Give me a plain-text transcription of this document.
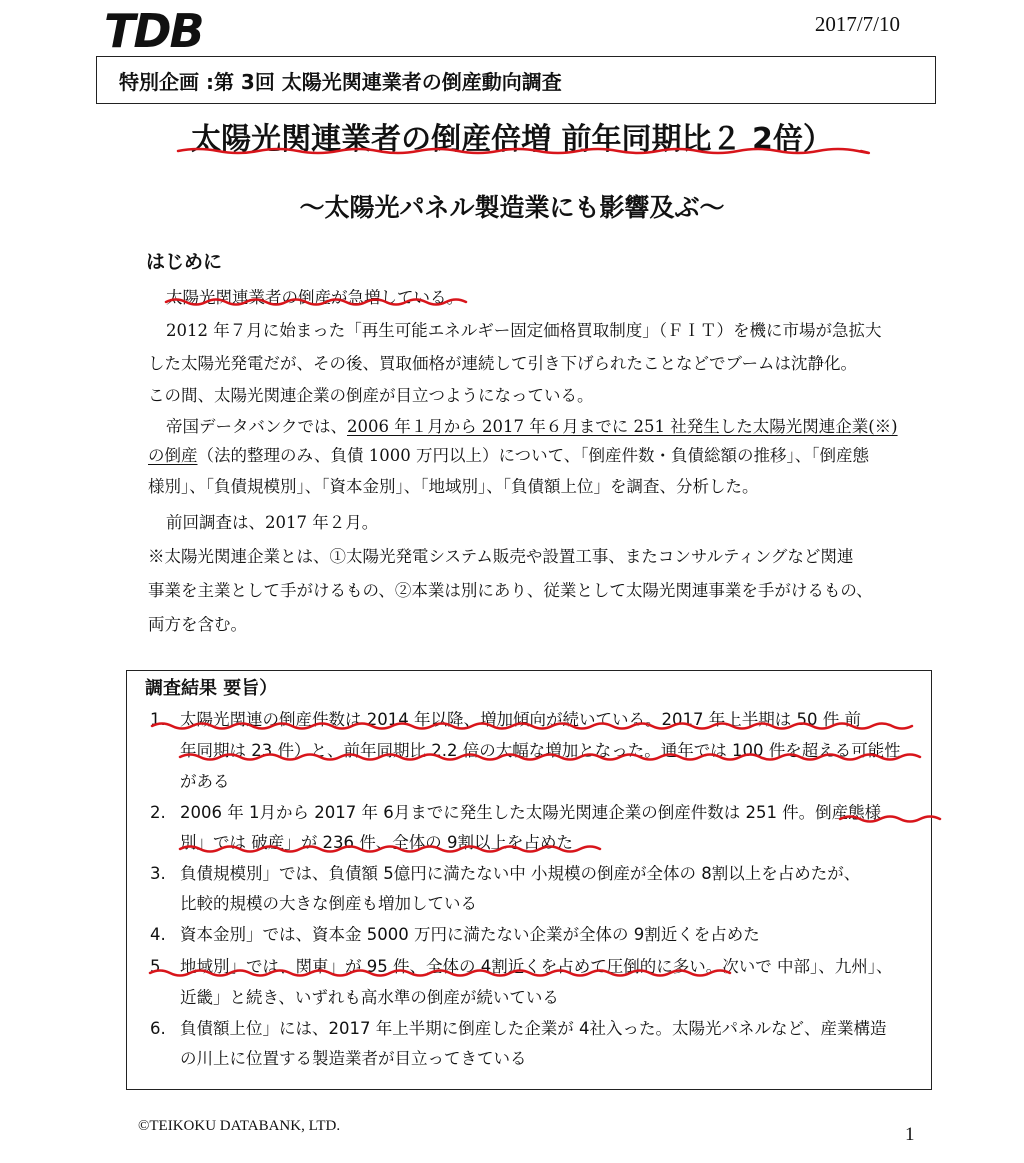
TDB	2017/7/10
特別企画 :第 3回 太陽光関連業者の倒産動向調査
太陽光関連業者の倒産倍増 前年同期比２ 2倍）
～太陽光パネル製造業にも影響及ぶ～
はじめに
太陽光関連業者の倒産が急増している。
2012 年７月に始まった「再生可能エネルギー固定価格買取制度」（ＦＩＴ）を機に市場が急拡大
した太陽光発電だが、その後、買取価格が連続して引き下げられたことなどでブームは沈静化。
この間、太陽光関連企業の倒産が目立つようになっている。
帝国データバンクでは、2006 年１月から 2017 年６月までに 251 社発生した太陽光関連企業(※)
の倒産（法的整理のみ、負債 1000 万円以上）について、「倒産件数・負債総額の推移」、「倒産態
様別」、「負債規模別」、「資本金別」、「地域別」、「負債額上位」を調査、分析した。
前回調査は、2017 年２月。
※太陽光関連企業とは、①太陽光発電システム販売や設置工事、またコンサルティングなど関連
事業を主業として手がけるもの、②本業は別にあり、従業として太陽光関連事業を手がけるもの、
両方を含む。
調査結果 要旨）
1. 太陽光関連の倒産件数は 2014 年以降、増加傾向が続いている。2017 年上半期は 50 件 前
年同期は 23 件）と、前年同期比 2.2 倍の大幅な増加となった。通年では 100 件を超える可能性
がある
2. 2006 年 1月から 2017 年 6月までに発生した太陽光関連企業の倒産件数は 251 件。倒産態様
別」では 破産」が 236 件、全体の 9割以上を占めた
3. 負債規模別」では、負債額 5億円に満たない中 小規模の倒産が全体の 8割以上を占めたが、
比較的規模の大きな倒産も増加している
4. 資本金別」では、資本金 5000 万円に満たない企業が全体の 9割近くを占めた
5. 地域別」では、関東」が 95 件、全体の 4割近くを占めて圧倒的に多い。次いで 中部」、九州」、
近畿」と続き、いずれも高水準の倒産が続いている
6. 負債額上位」には、2017 年上半期に倒産した企業が 4社入った。太陽光パネルなど、産業構造
の川上に位置する製造業者が目立ってきている
©TEIKOKU DATABANK, LTD.	1
